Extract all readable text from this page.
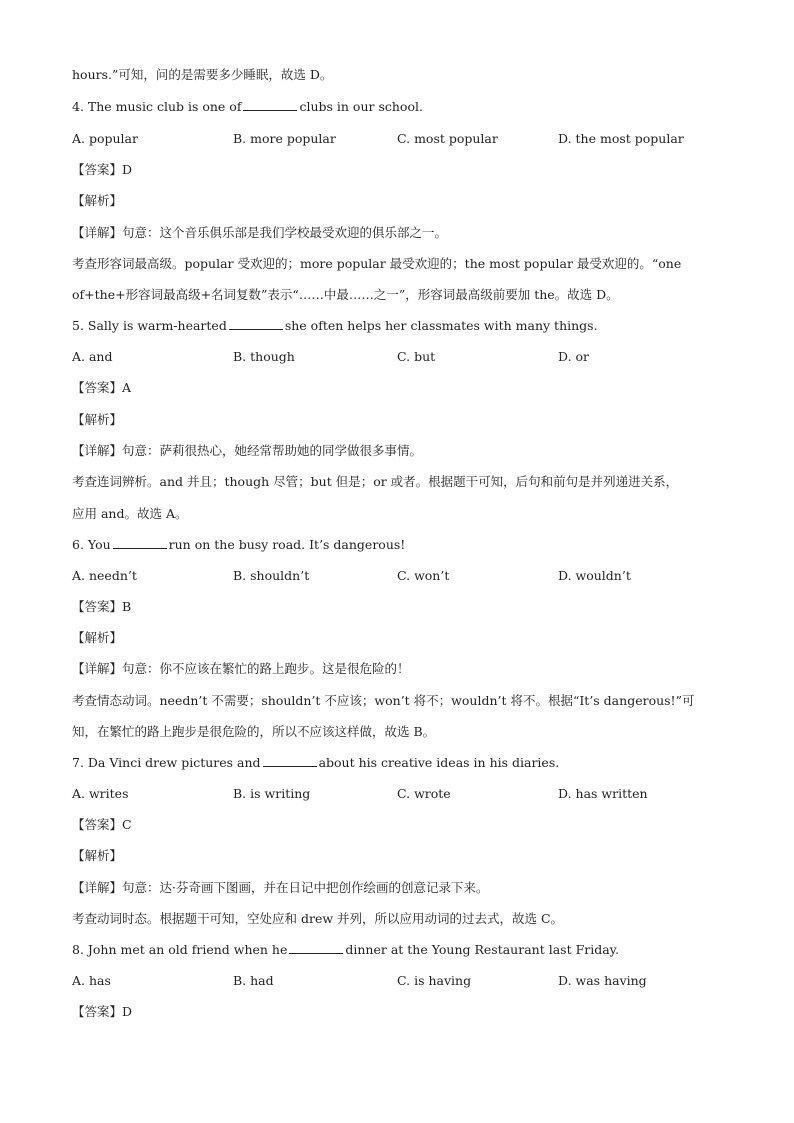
hours.”可知，问的是需要多少睡眠，故选 D。
4. The music club is one of	clubs in our school.
A. popular	B. more popular	C. most popular	D. the most popular
【答案】D
【解析】
【详解】句意：这个音乐俱乐部是我们学校最受欢迎的俱乐部之一。
考查形容词最高级。popular 受欢迎的；more popular 最受欢迎的；the most popular 最受欢迎的。“one
of+the+形容词最高级+名词复数”表示“……中最……之一”，形容词最高级前要加 the。故选 D。
5. Sally is warm-hearted	she often helps her classmates with many things.
A. and	B. though	C. but	D. or
【答案】A
【解析】
【详解】句意：萨莉很热心，她经常帮助她的同学做很多事情。
考查连词辨析。and 并且；though 尽管；but 但是；or 或者。根据题干可知，后句和前句是并列递进关系，
应用 and。故选 A。
6. You	run on the busy road. It’s dangerous!
A. needn’t	B. shouldn’t	C. won’t	D. wouldn’t
【答案】B
【解析】
【详解】句意：你不应该在繁忙的路上跑步。这是很危险的！
考查情态动词。needn’t 不需要；shouldn’t 不应该；won’t 将不；wouldn’t 将不。根据“It’s dangerous!”可
知，在繁忙的路上跑步是很危险的，所以不应该这样做，故选 B。
7. Da Vinci drew pictures and	about his creative ideas in his diaries.
A. writes	B. is writing	C. wrote	D. has written
【答案】C
【解析】
【详解】句意：达·芬奇画下图画，并在日记中把创作绘画的创意记录下来。
考查动词时态。根据题干可知，空处应和 drew 并列，所以应用动词的过去式，故选 C。
8. John met an old friend when he	dinner at the Young Restaurant last Friday.
A. has	B. had	C. is having	D. was having
【答案】D
